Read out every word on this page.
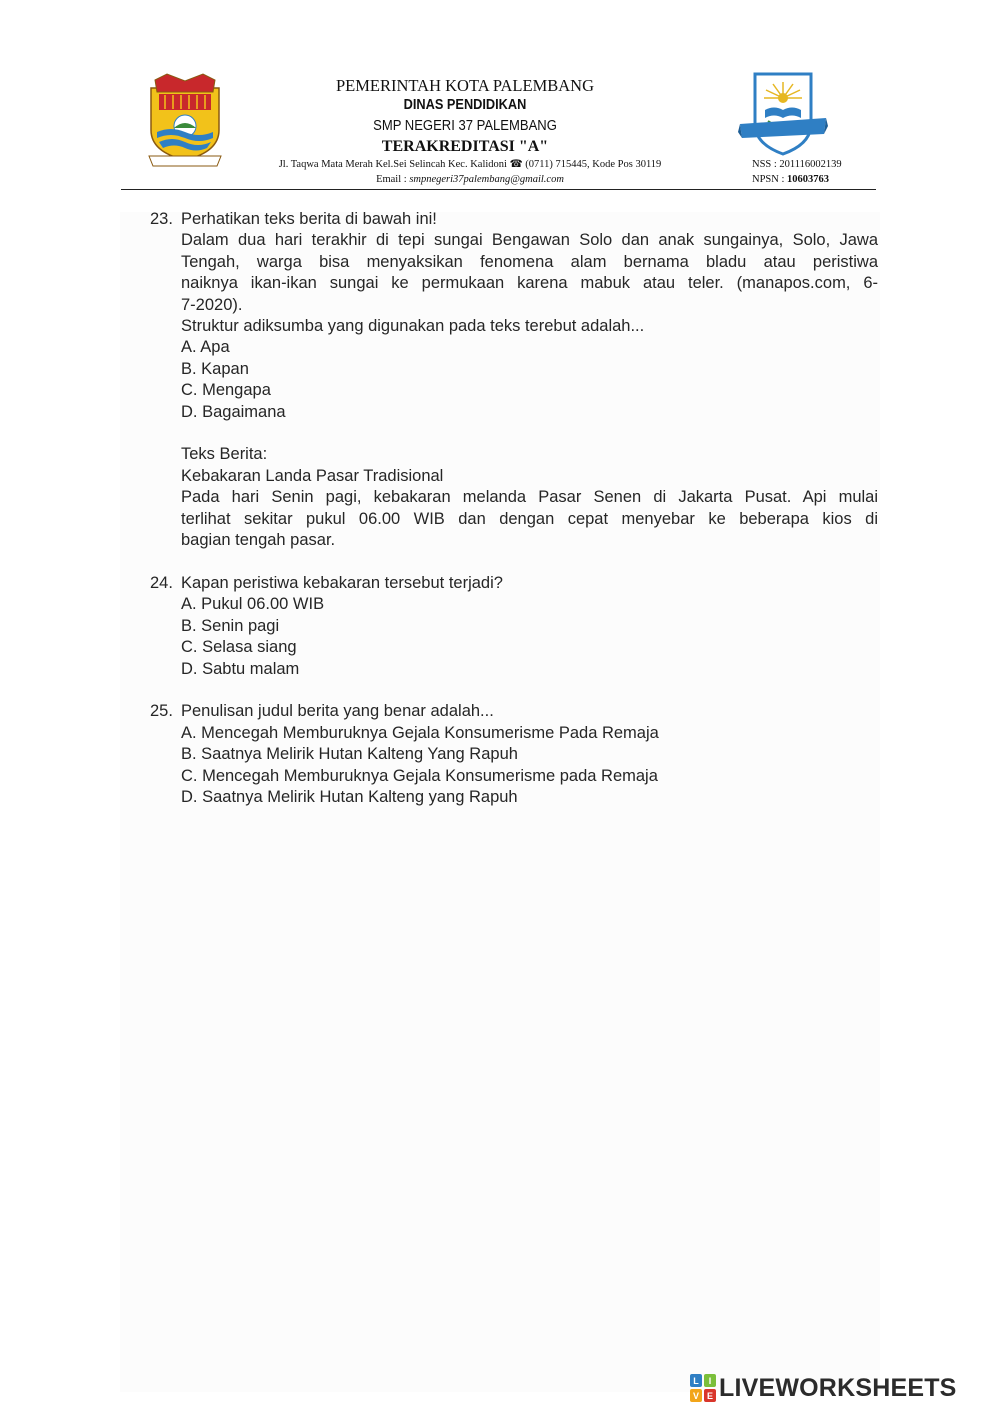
PEMERINTAH KOTA PALEMBANG
DINAS PENDIDIKAN
SMP NEGERI 37 PALEMBANG
TERAKREDITASI "A"
Jl. Taqwa Mata Merah Kel.Sei Selincah Kec. Kalidoni ☎ (0711) 715445, Kode Pos 30119
Email : smpnegeri37palembang@gmail.com
NSS : 201116002139
NPSN : 10603763
23. Perhatikan teks berita di bawah ini!
Dalam dua hari terakhir di tepi sungai Bengawan Solo dan anak sungainya, Solo, Jawa
Tengah, warga bisa menyaksikan fenomena alam bernama bladu atau peristiwa
naiknya ikan-ikan sungai ke permukaan karena mabuk atau teler. (manapos.com, 6-
7-2020).
Struktur adiksumba yang digunakan pada teks terebut adalah...
A. Apa
B. Kapan
C. Mengapa
D. Bagaimana
Teks Berita:
Kebakaran Landa Pasar Tradisional
Pada hari Senin pagi, kebakaran melanda Pasar Senen di Jakarta Pusat. Api mulai
terlihat sekitar pukul 06.00 WIB dan dengan cepat menyebar ke beberapa kios di
bagian tengah pasar.
24. Kapan peristiwa kebakaran tersebut terjadi?
A. Pukul 06.00 WIB
B. Senin pagi
C. Selasa siang
D. Sabtu malam
25. Penulisan judul berita yang benar adalah...
A. Mencegah Memburuknya Gejala Konsumerisme Pada Remaja
B. Saatnya Melirik Hutan Kalteng Yang Rapuh
C. Mencegah Memburuknya Gejala Konsumerisme pada Remaja
D. Saatnya Melirik Hutan Kalteng yang Rapuh
L I
V E LIVEWORKSHEETS
